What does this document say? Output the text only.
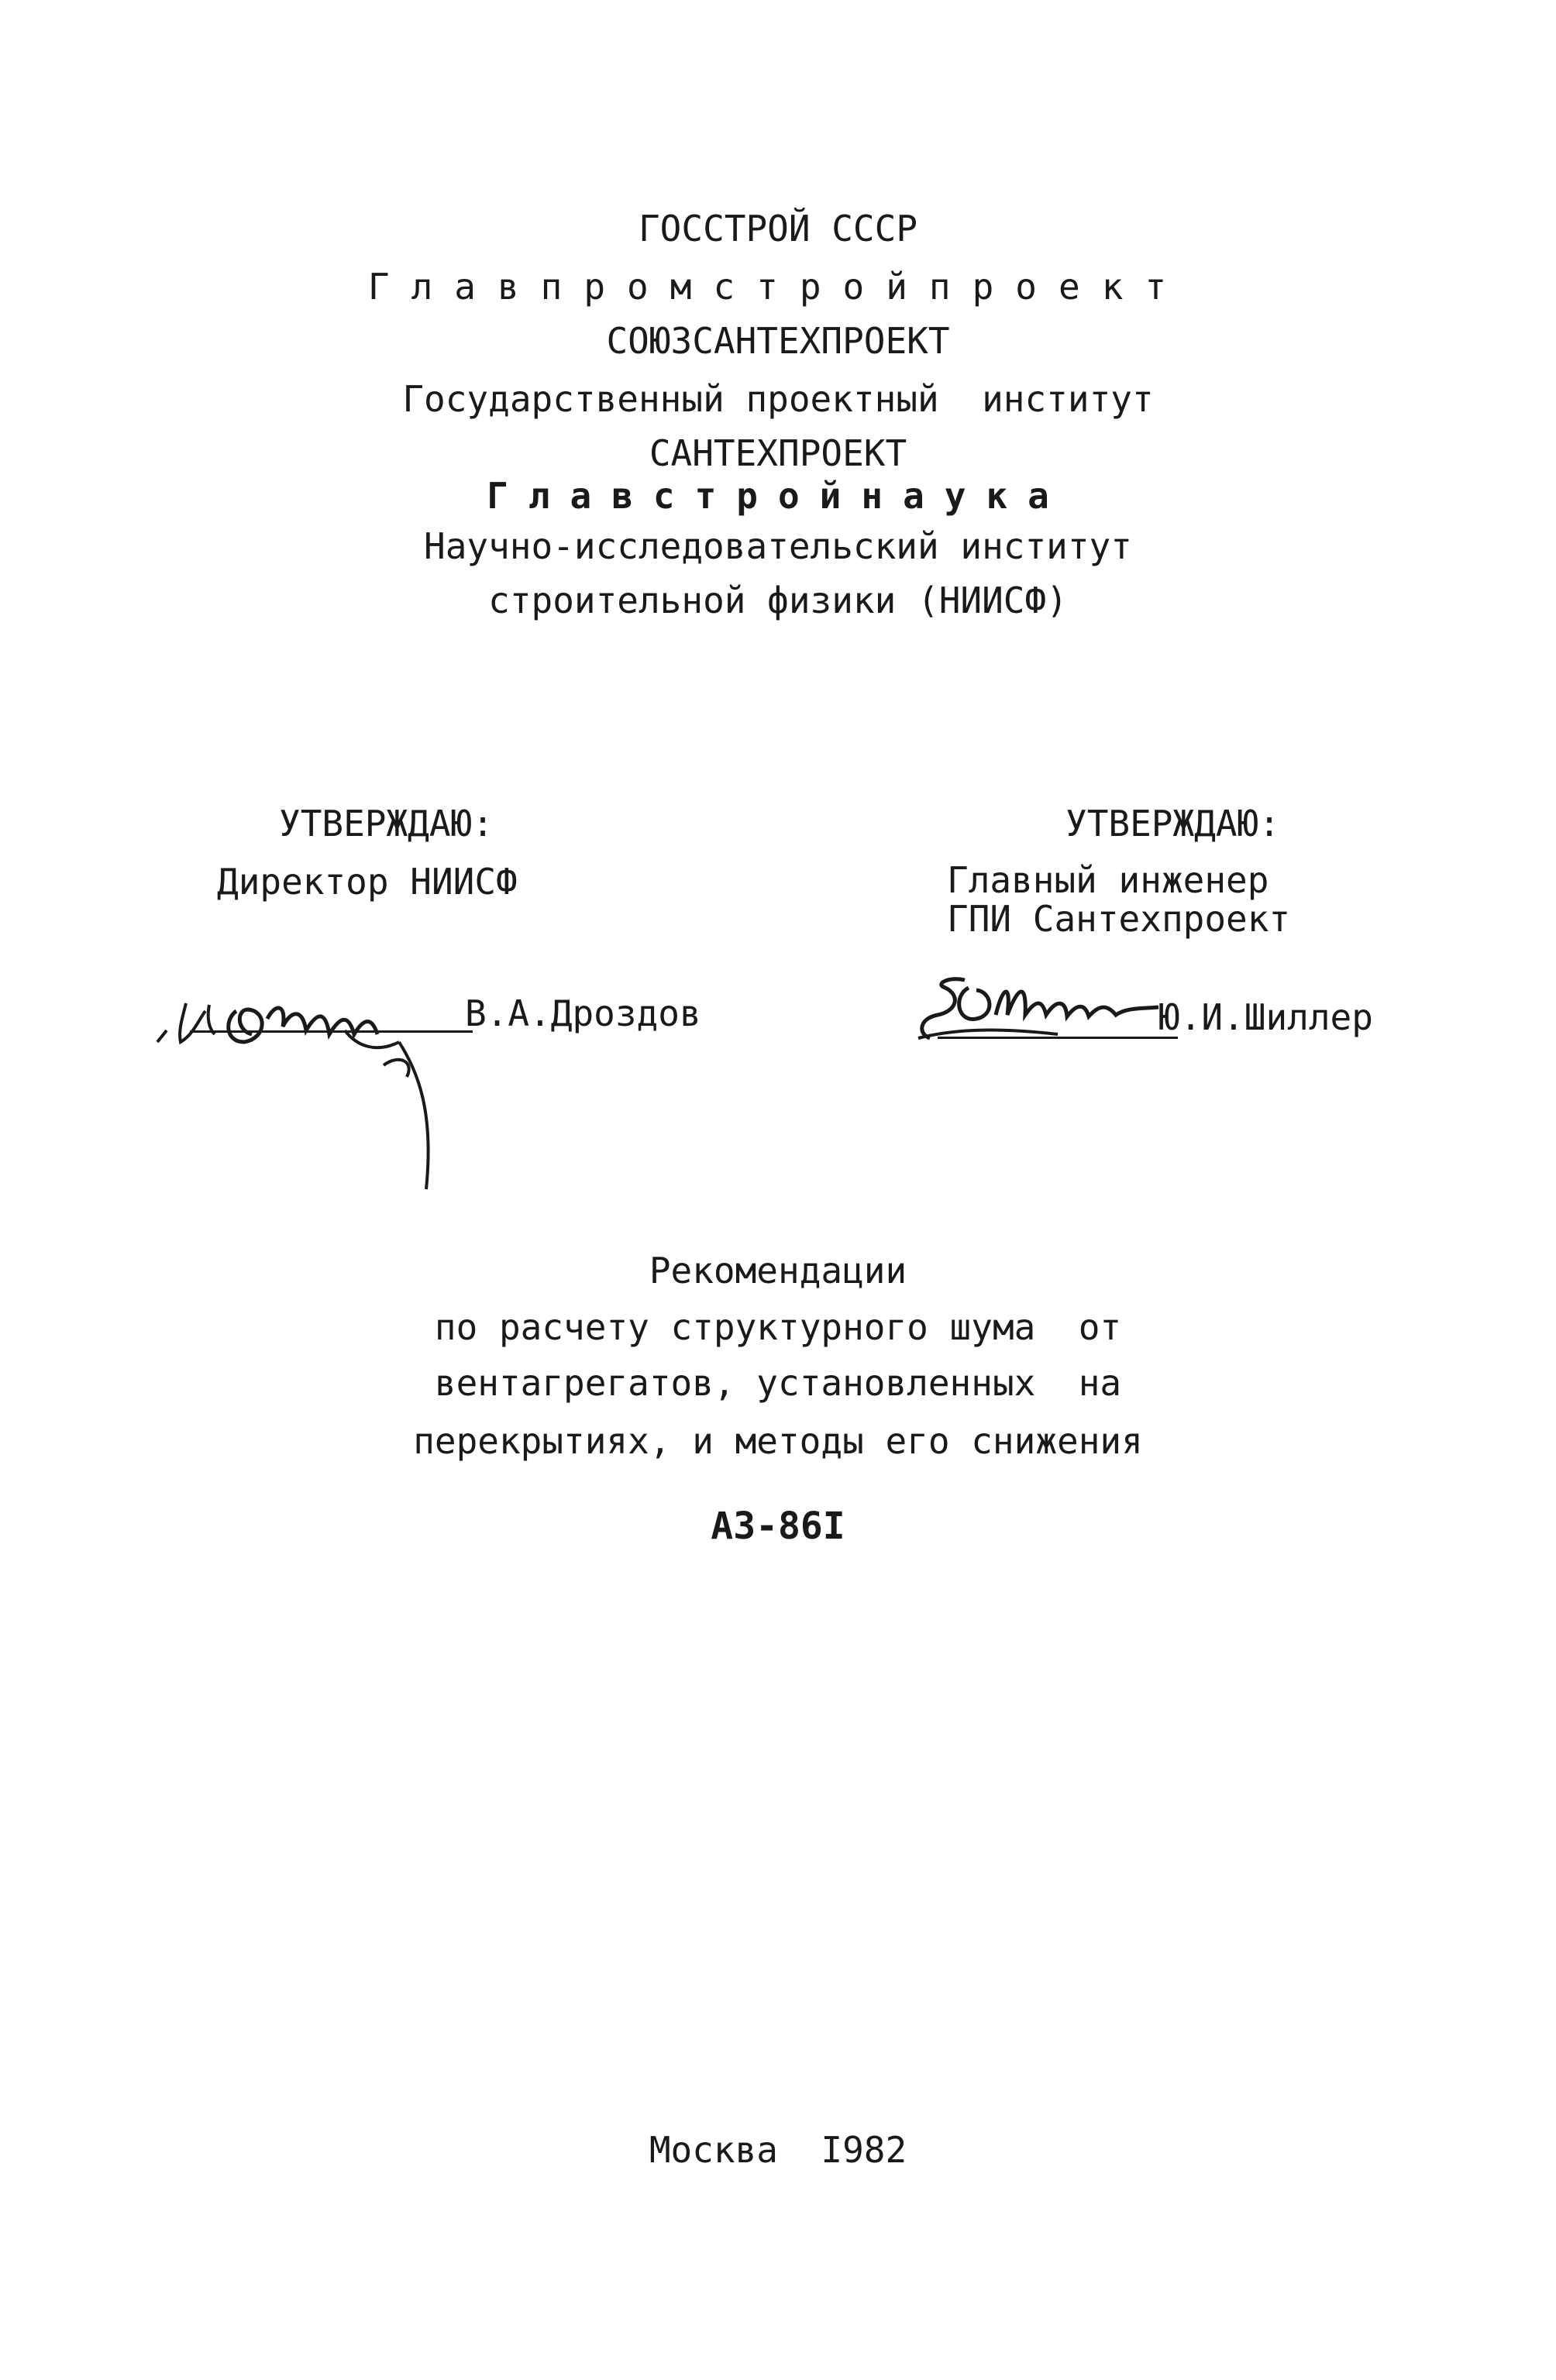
ГОССТРОЙ СССР
Главпромстройпроект
СОЮЗСАНТЕХПРОЕКТ
Государственный проектный  институт
САНТЕХПРОЕКТ
Главстройнаука
Научно-исследовательский институт
строительной физики (НИИСФ)
УТВЕРЖДАЮ:
Директор НИИСФ
В.А.Дроздов
УТВЕРЖДАЮ:
Главный инженер
ГПИ Сантехпроект
Ю.И.Шиллер
Рекомендации
по расчету структурного шума  от
вентагрегатов, установленных  на
перекрытиях, и методы его снижения
А3-86I
Москва  I982
